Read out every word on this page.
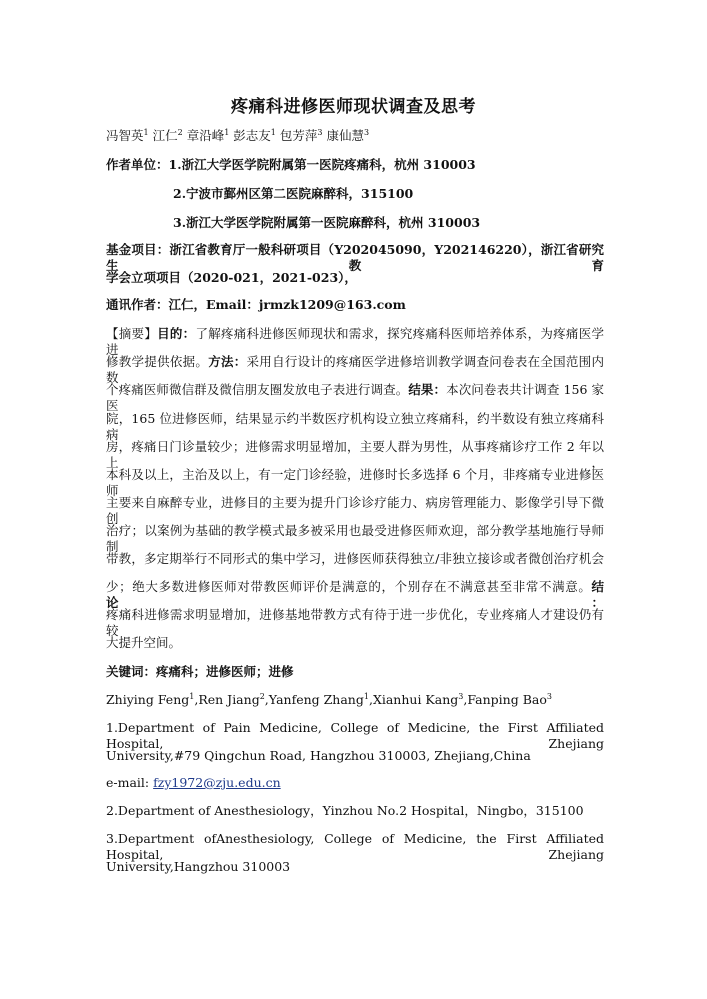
疼痛科进修医师现状调查及思考
冯智英$^1$ 江仁$^2$ 章沿峰$^1$ 彭志友$^1$ 包芳萍$^3$ 康仙慧$^3$
作者单位：1.浙江大学医学院附属第一医院疼痛科，杭州 310003
2.宁波市鄞州区第二医院麻醉科，315100
3.浙江大学医学院附属第一医院麻醉科，杭州 310003
基金项目：浙江省教育厅一般科研项目（Y202045090，Y202146220），浙江省研究生教育
学会立项项目（2020-021，2021-023），
通讯作者：江仁，Email：jrmzk1209@163.com
【摘要】目的：了解疼痛科进修医师现状和需求，探究疼痛科医师培养体系，为疼痛医学进
修教学提供依据。方法：采用自行设计的疼痛医学进修培训教学调查问卷表在全国范围内数
个疼痛医师微信群及微信朋友圈发放电子表进行调查。结果：本次问卷表共计调查 156 家医
院，165 位进修医师，结果显示约半数医疗机构设立独立疼痛科，约半数设有独立疼痛科病
房，疼痛日门诊量较少；进修需求明显增加，主要人群为男性，从事疼痛诊疗工作 2 年以上，
本科及以上，主治及以上，有一定门诊经验，进修时长多选择 6 个月，非疼痛专业进修医师
主要来自麻醉专业，进修目的主要为提升门诊诊疗能力、病房管理能力、影像学引导下微创
治疗；以案例为基础的教学模式最多被采用也最受进修医师欢迎，部分教学基地施行导师制
带教，多定期举行不同形式的集中学习，进修医师获得独立/非独立接诊或者微创治疗机会
少；绝大多数进修医师对带教医师评价是满意的，个别存在不满意甚至非常不满意。结论：
疼痛科进修需求明显增加，进修基地带教方式有待于进一步优化，专业疼痛人才建设仍有较
大提升空间。
关键词：疼痛科；进修医师；进修
Zhiying Feng$^1$,Ren Jiang$^2$,Yanfeng Zhang$^1$,Xianhui Kang$^3$,Fanping Bao$^3$
1.Department of Pain Medicine, College of Medicine, the First Affiliated Hospital, Zhejiang
University,#79 Qingchun Road, Hangzhou 310003, Zhejiang,China
e-mail: fzy1972@zju.edu.cn
2.Department of Anesthesiology，Yinzhou No.2 Hospital，Ningbo，315100
3.Department ofAnesthesiology, College of Medicine, the First Affiliated Hospital, Zhejiang
University,Hangzhou 310003
